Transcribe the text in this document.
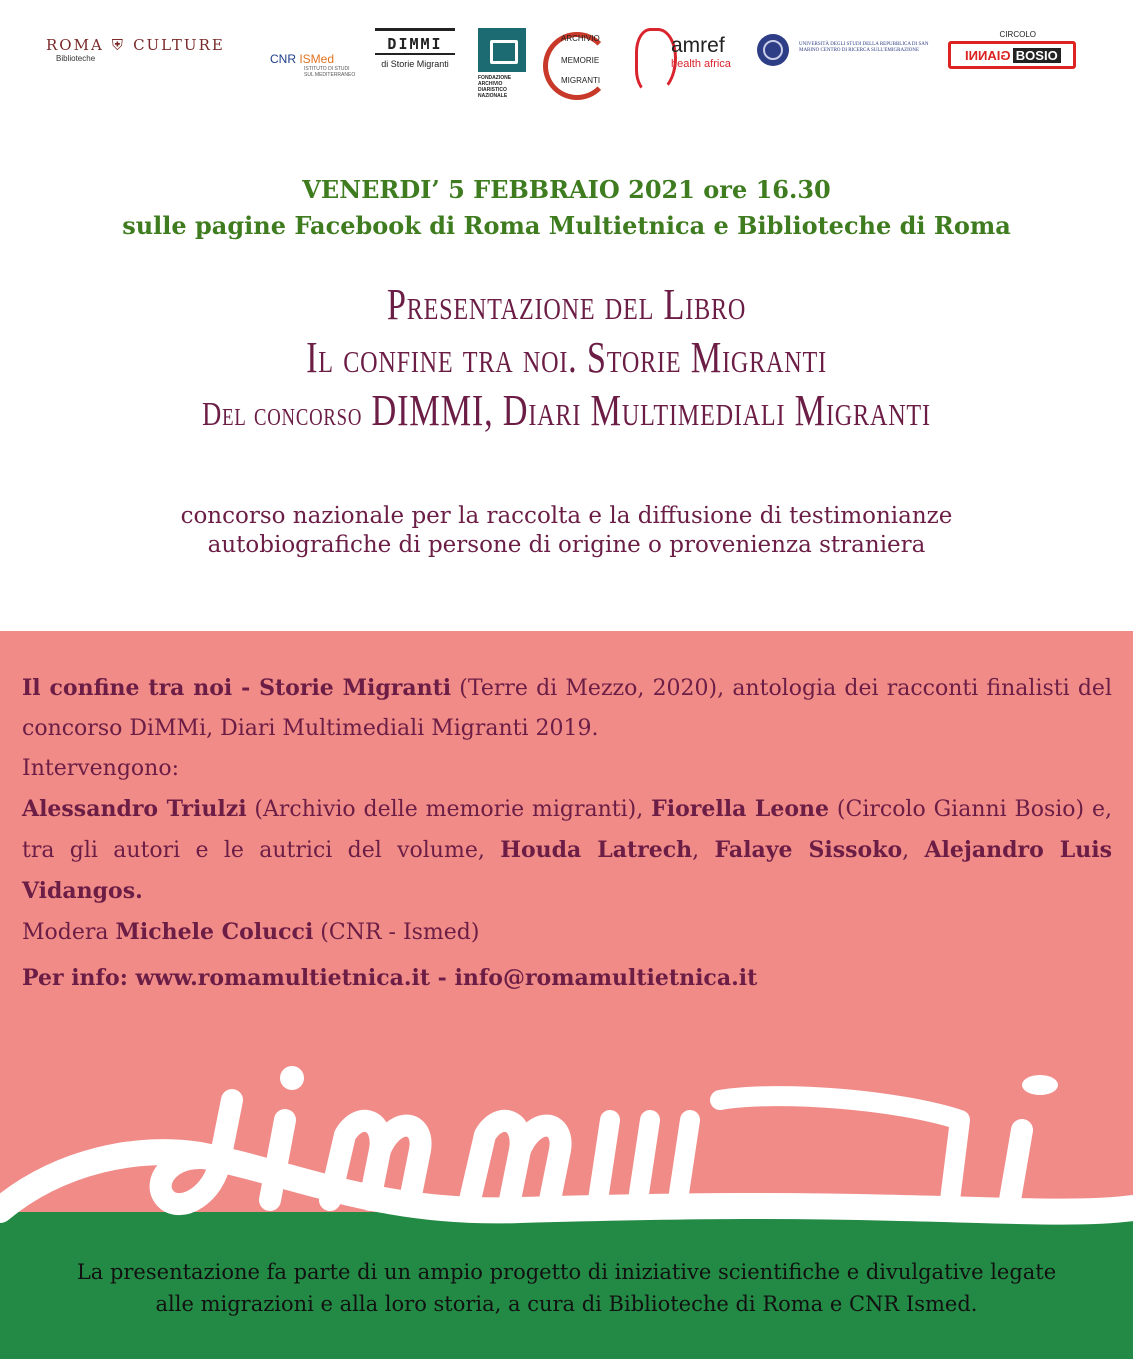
ROMA ⛨ CULTURE
Biblioteche	CNR ISMed
ISTITUTO DI STUDI SUL MEDITERRANEO
DIMMI
di Storie Migranti
FONDAZIONE ARCHIVIO DIARISTICO NAZIONALE
ARCHIVIO
MEMORIE
MIGRANTI
amref
health africa
UNIVERSITÀ DEGLI STUDI DELLA REPUBBLICA DI SAN MARINO CENTRO DI RICERCA SULL'EMIGRAZIONE
CIRCOLO
GIANNI BOSIO
VENERDI’ 5 FEBBRAIO 2021 ore 16.30
sulle pagine Facebook di Roma Multietnica e Biblioteche di Roma
Presentazione del Libro
Il confine tra noi. Storie Migranti
Del concorso DIMMI, Diari Multimediali Migranti
concorso nazionale per la raccolta e la diffusione di testimonianze
autobiografiche di persone di origine o provenienza straniera

Il confine tra noi - Storie Migranti (Terre di Mezzo, 2020), antologia dei racconti finalisti del concorso DiMMi, Diari Multimediali Migranti 2019.

Intervengono:

Alessandro Triulzi (Archivio delle memorie migranti), Fiorella Leone (Circolo Gianni Bosio) e, tra gli autori e le autrici del volume, Houda Latrech, Falaye Sissoko, Alejandro Luis Vidangos.

Modera Michele Colucci (CNR - Ismed)

Per info: www.romamultietnica.it - info@romamultietnica.it
La presentazione fa parte di un ampio progetto di iniziative scientifiche e divulgative legate
alle migrazioni e alla loro storia, a cura di Biblioteche di Roma e CNR Ismed.
